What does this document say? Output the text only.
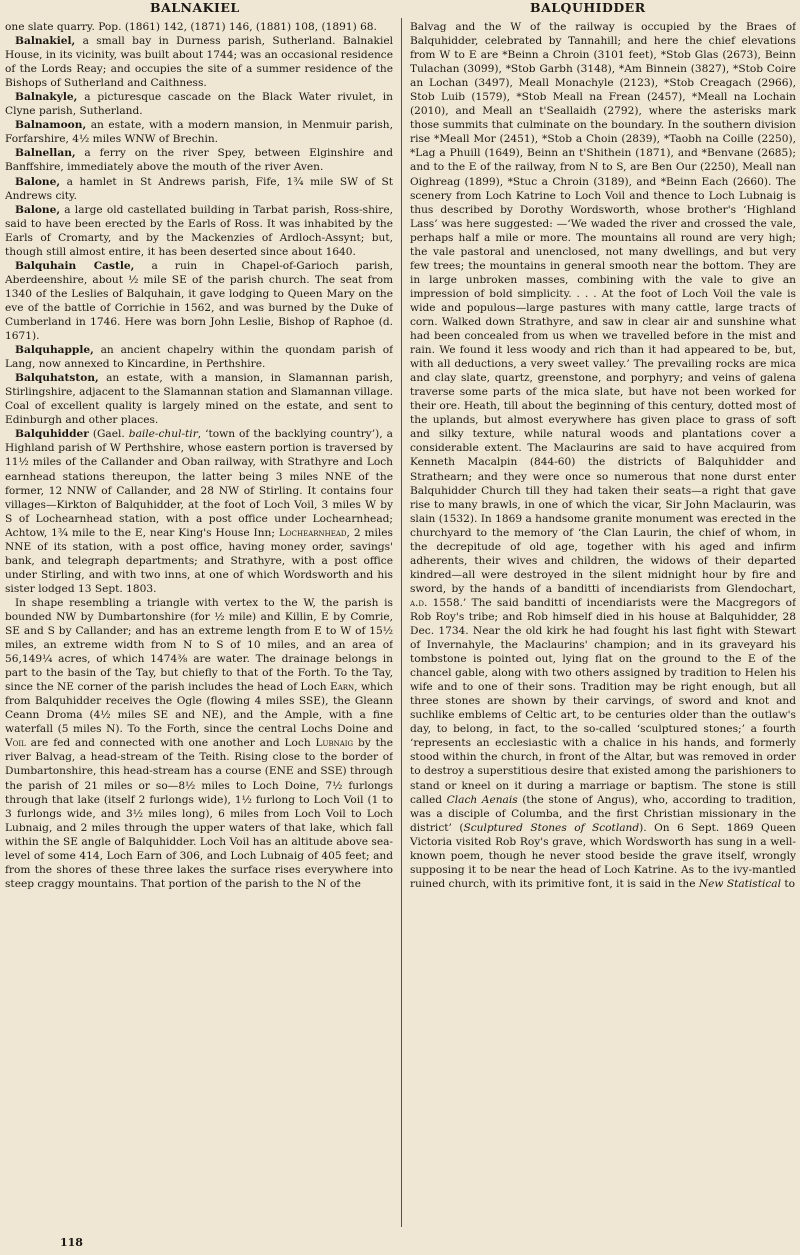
BALNAKIEL	BALQUHIDDER

one slate quarry. Pop. (1861) 142, (1871) 146, (1881) 108, (1891) 68.

Balnakiel, a small bay in Durness parish, Sutherland. Balnakiel House, in its vicinity, was built about 1744; was an occasional residence of the Lords Reay; and occupies the site of a summer residence of the Bishops of Sutherland and Caithness.

Balnakyle, a picturesque cascade on the Black Water rivulet, in Clyne parish, Sutherland.

Balnamoon, an estate, with a modern mansion, in Menmuir parish, Forfarshire, 4½ miles WNW of Brechin.

Balnellan, a ferry on the river Spey, between Elginshire and Banffshire, immediately above the mouth of the river Aven.

Balone, a hamlet in St Andrews parish, Fife, 1¾ mile SW of St Andrews city.

Balone, a large old castellated building in Tarbat parish, Ross-shire, said to have been erected by the Earls of Ross. It was inhabited by the Earls of Cromarty, and by the Mackenzies of Ardloch-Assynt; but, though still almost entire, it has been deserted since about 1640.

Balquhain Castle, a ruin in Chapel-of-Garioch parish, Aberdeenshire, about ½ mile SE of the parish church. The seat from 1340 of the Leslies of Balquhain, it gave lodging to Queen Mary on the eve of the battle of Corrichie in 1562, and was burned by the Duke of Cumberland in 1746. Here was born John Leslie, Bishop of Raphoe (d. 1671).

Balquhapple, an ancient chapelry within the quondam parish of Lang, now annexed to Kincardine, in Perthshire.

Balquhatston, an estate, with a mansion, in Slamannan parish, Stirlingshire, adjacent to the Slamannan station and Slamannan village. Coal of excellent quality is largely mined on the estate, and sent to Edinburgh and other places.

Balquhidder (Gael. baile-chul-tir, ‘town of the backlying country’), a Highland parish of W Perthshire, whose eastern portion is traversed by 11½ miles of the Callander and Oban railway, with Strathyre and Loch earnhead stations thereupon, the latter being 3 miles NNE of the former, 12 NNW of Callander, and 28 NW of Stirling. It contains four villages—Kirkton of Balquhidder, at the foot of Loch Voil, 3 miles W by S of Lochearnhead station, with a post office under Lochearnhead; Achtow, 1¾ mile to the E, near King's House Inn; Lochearnhead, 2 miles NNE of its station, with a post office, having money order, savings' bank, and telegraph departments; and Strathyre, with a post office under Stirling, and with two inns, at one of which Wordsworth and his sister lodged 13 Sept. 1803.

In shape resembling a triangle with vertex to the W, the parish is bounded NW by Dumbartonshire (for ½ mile) and Killin, E by Comrie, SE and S by Callander; and has an extreme length from E to W of 15½ miles, an extreme width from N to S of 10 miles, and an area of 56,149¼ acres, of which 1474⅜ are water. The drainage belongs in part to the basin of the Tay, but chiefly to that of the Forth. To the Tay, since the NE corner of the parish includes the head of Loch Earn, which from Balquhidder receives the Ogle (flowing 4 miles SSE), the Gleann Ceann Droma (4½ miles SE and NE), and the Ample, with a fine waterfall (5 miles N). To the Forth, since the central Lochs Doine and Voil are fed and connected with one another and Loch Lubnaig by the river Balvag, a head-stream of the Teith. Rising close to the border of Dumbartonshire, this head-stream has a course (ENE and SSE) through the parish of 21 miles or so—8½ miles to Loch Doine, 7½ furlongs through that lake (itself 2 furlongs wide), 1½ furlong to Loch Voil (1 to 3 furlongs wide, and 3½ miles long), 6 miles from Loch Voil to Loch Lubnaig, and 2 miles through the upper waters of that lake, which fall within the SE angle of Balquhidder. Loch Voil has an altitude above sea-level of some 414, Loch Earn of 306, and Loch Lubnaig of 405 feet; and from the shores of these three lakes the surface rises everywhere into steep craggy mountains. That portion of the parish to the N of the

Balvag and the W of the railway is occupied by the Braes of Balquhidder, celebrated by Tannahill; and here the chief elevations from W to E are *Beinn a Chroin (3101 feet), *Stob Glas (2673), Beinn Tulachan (3099), *Stob Garbh (3148), *Am Binnein (3827), *Stob Coire an Lochan (3497), Meall Monachyle (2123), *Stob Creagach (2966), Stob Luib (1579), *Stob Meall na Frean (2457), *Meall na Lochain (2010), and Meall an t'Seallaidh (2792), where the asterisks mark those summits that culminate on the boundary. In the southern division rise *Meall Mor (2451), *Stob a Choin (2839), *Taobh na Coille (2250), *Lag a Phuill (1649), Beinn an t'Shithein (1871), and *Benvane (2685); and to the E of the railway, from N to S, are Ben Our (2250), Meall nan Oighreag (1899), *Stuc a Chroin (3189), and *Beinn Each (2660). The scenery from Loch Katrine to Loch Voil and thence to Loch Lubnaig is thus described by Dorothy Wordsworth, whose brother's ‘Highland Lass’ was here suggested: —‘We waded the river and crossed the vale, perhaps half a mile or more. The mountains all round are very high; the vale pastoral and unenclosed, not many dwellings, and but very few trees; the mountains in general smooth near the bottom. They are in large unbroken masses, combining with the vale to give an impression of bold simplicity. . . . At the foot of Loch Voil the vale is wide and populous—large pastures with many cattle, large tracts of corn. Walked down Strathyre, and saw in clear air and sunshine what had been concealed from us when we travelled before in the mist and rain. We found it less woody and rich than it had appeared to be, but, with all deductions, a very sweet valley.’ The prevailing rocks are mica and clay slate, quartz, greenstone, and porphyry; and veins of galena traverse some parts of the mica slate, but have not been worked for their ore. Heath, till about the beginning of this century, dotted most of the uplands, but almost everywhere has given place to grass of soft and silky texture, while natural woods and plantations cover a considerable extent. The Maclaurins are said to have acquired from Kenneth Macalpin (844-60) the districts of Balquhidder and Strathearn; and they were once so numerous that none durst enter Balquhidder Church till they had taken their seats—a right that gave rise to many brawls, in one of which the vicar, Sir John Maclaurin, was slain (1532). In 1869 a handsome granite monument was erected in the churchyard to the memory of ‘the Clan Laurin, the chief of whom, in the decrepitude of old age, together with his aged and infirm adherents, their wives and children, the widows of their departed kindred—all were destroyed in the silent midnight hour by fire and sword, by the hands of a banditti of incendiarists from Glendochart, a.d. 1558.’ The said banditti of incendiarists were the Macgregors of Rob Roy's tribe; and Rob himself died in his house at Balquhidder, 28 Dec. 1734. Near the old kirk he had fought his last fight with Stewart of Invernahyle, the Maclaurins' champion; and in its graveyard his tombstone is pointed out, lying flat on the ground to the E of the chancel gable, along with two others assigned by tradition to Helen his wife and to one of their sons. Tradition may be right enough, but all three stones are shown by their carvings, of sword and knot and suchlike emblems of Celtic art, to be centuries older than the outlaw's day, to belong, in fact, to the so-called ‘sculptured stones;’ a fourth ‘represents an ecclesiastic with a chalice in his hands, and formerly stood within the church, in front of the Altar, but was removed in order to destroy a superstitious desire that existed among the parishioners to stand or kneel on it during a marriage or baptism. The stone is still called Clach Aenais (the stone of Angus), who, according to tradition, was a disciple of Columba, and the first Christian missionary in the district’ (Sculptured Stones of Scotland). On 6 Sept. 1869 Queen Victoria visited Rob Roy's grave, which Wordsworth has sung in a well-known poem, though he never stood beside the grave itself, wrongly supposing it to be near the head of Loch Katrine. As to the ivy-mantled ruined church, with its primitive font, it is said in the New Statistical to

118
